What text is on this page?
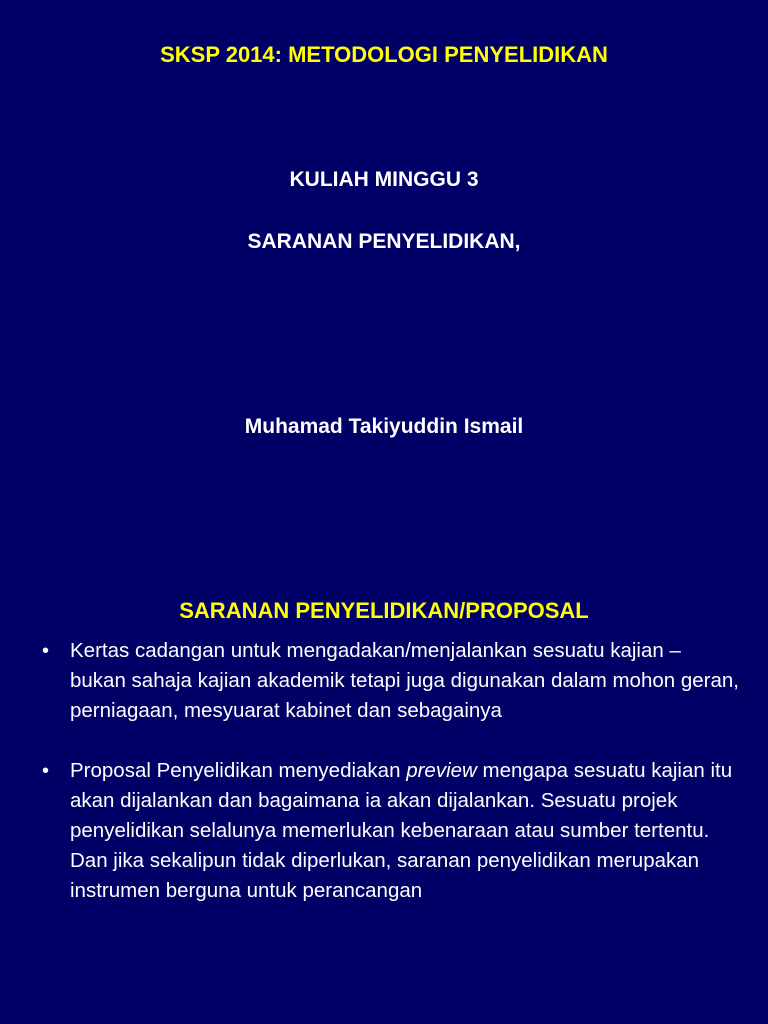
SKSP 2014: METODOLOGI PENYELIDIKAN
KULIAH MINGGU 3
SARANAN PENYELIDIKAN,
Muhamad Takiyuddin Ismail
SARANAN PENYELIDIKAN/PROPOSAL
• Kertas cadangan untuk mengadakan/menjalankan sesuatu kajian – bukan sahaja kajian akademik tetapi juga digunakan dalam mohon geran, perniagaan, mesyuarat kabinet dan sebagainya
• Proposal Penyelidikan menyediakan preview mengapa sesuatu kajian itu akan dijalankan dan bagaimana ia akan dijalankan. Sesuatu projek penyelidikan selalunya memerlukan kebenaraan atau sumber tertentu. Dan jika sekalipun tidak diperlukan, saranan penyelidikan merupakan instrumen berguna untuk perancangan
